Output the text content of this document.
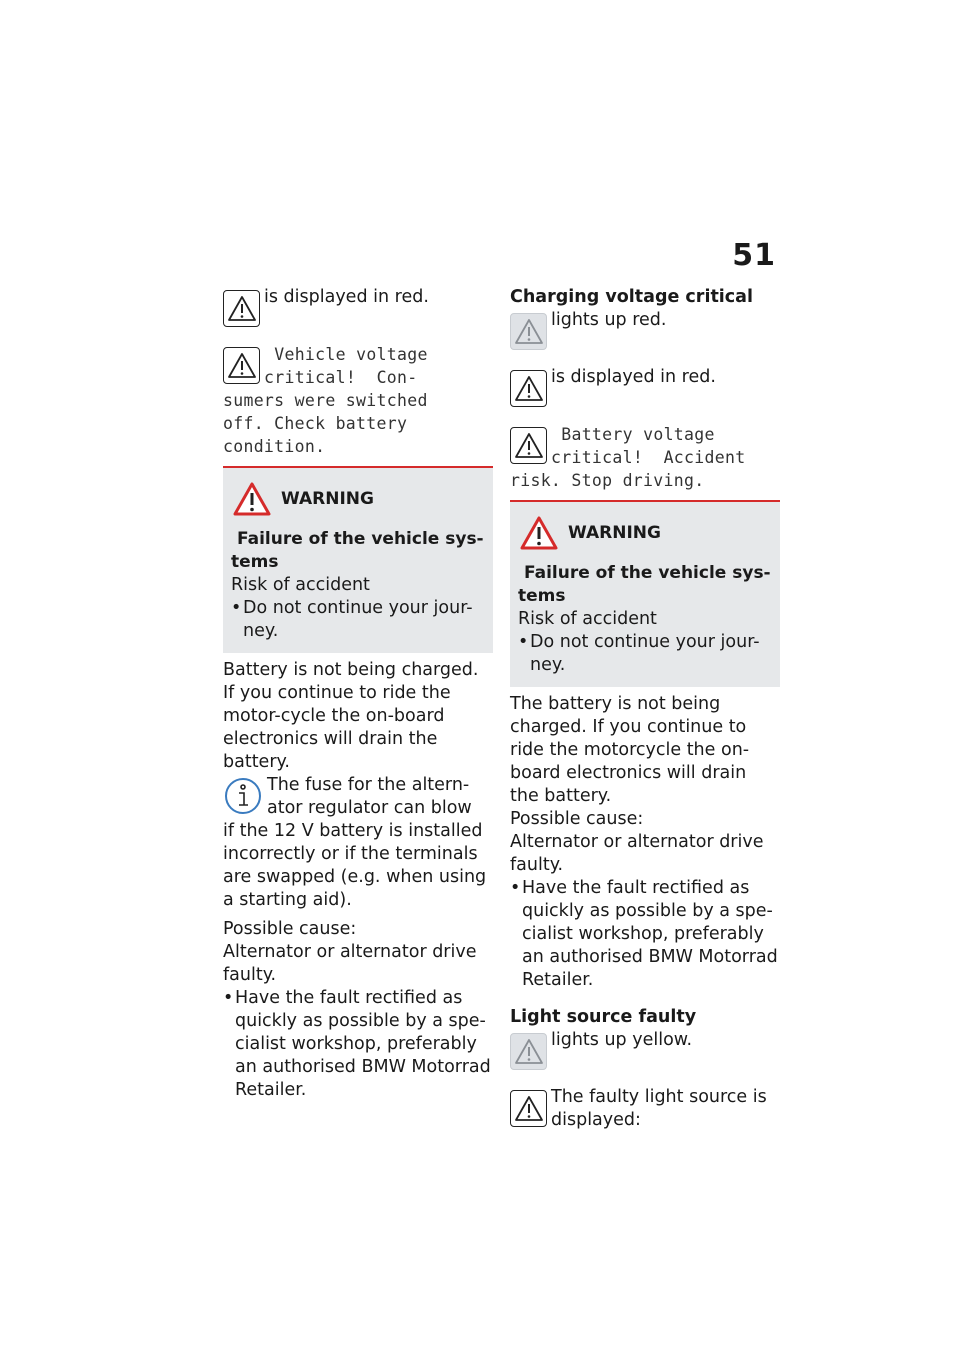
51
is displayed in red.
Vehicle voltage
critical!  Con-
sumers were switched
off. Check battery
condition.
WARNING
Failure of the vehicle sys-
tems
Risk of accident
• Do not continue your jour-
ney.
Battery is not being charged. If you continue to ride the motor-cycle the on-board electronics will drain the battery.
The fuse for the altern-
ator regulator can blow
if the 12 V battery is installed incorrectly or if the terminals are swapped (e.g. when using a starting aid).
Possible cause:
Alternator or alternator drive faulty.
• Have the fault rectified as quickly as possible by a spe-cialist workshop, preferably an authorised BMW Motorrad Retailer.
Charging voltage critical
lights up red.
is displayed in red.
Battery voltage
critical!  Accident
risk. Stop driving.
WARNING
Failure of the vehicle sys-
tems
Risk of accident
• Do not continue your jour-
ney.
The battery is not being charged. If you continue to ride the motorcycle the on-board electronics will drain the battery.
Possible cause:
Alternator or alternator drive faulty.
• Have the fault rectified as quickly as possible by a spe-cialist workshop, preferably an authorised BMW Motorrad Retailer.
Light source faulty
lights up yellow.
The faulty light source is displayed:
